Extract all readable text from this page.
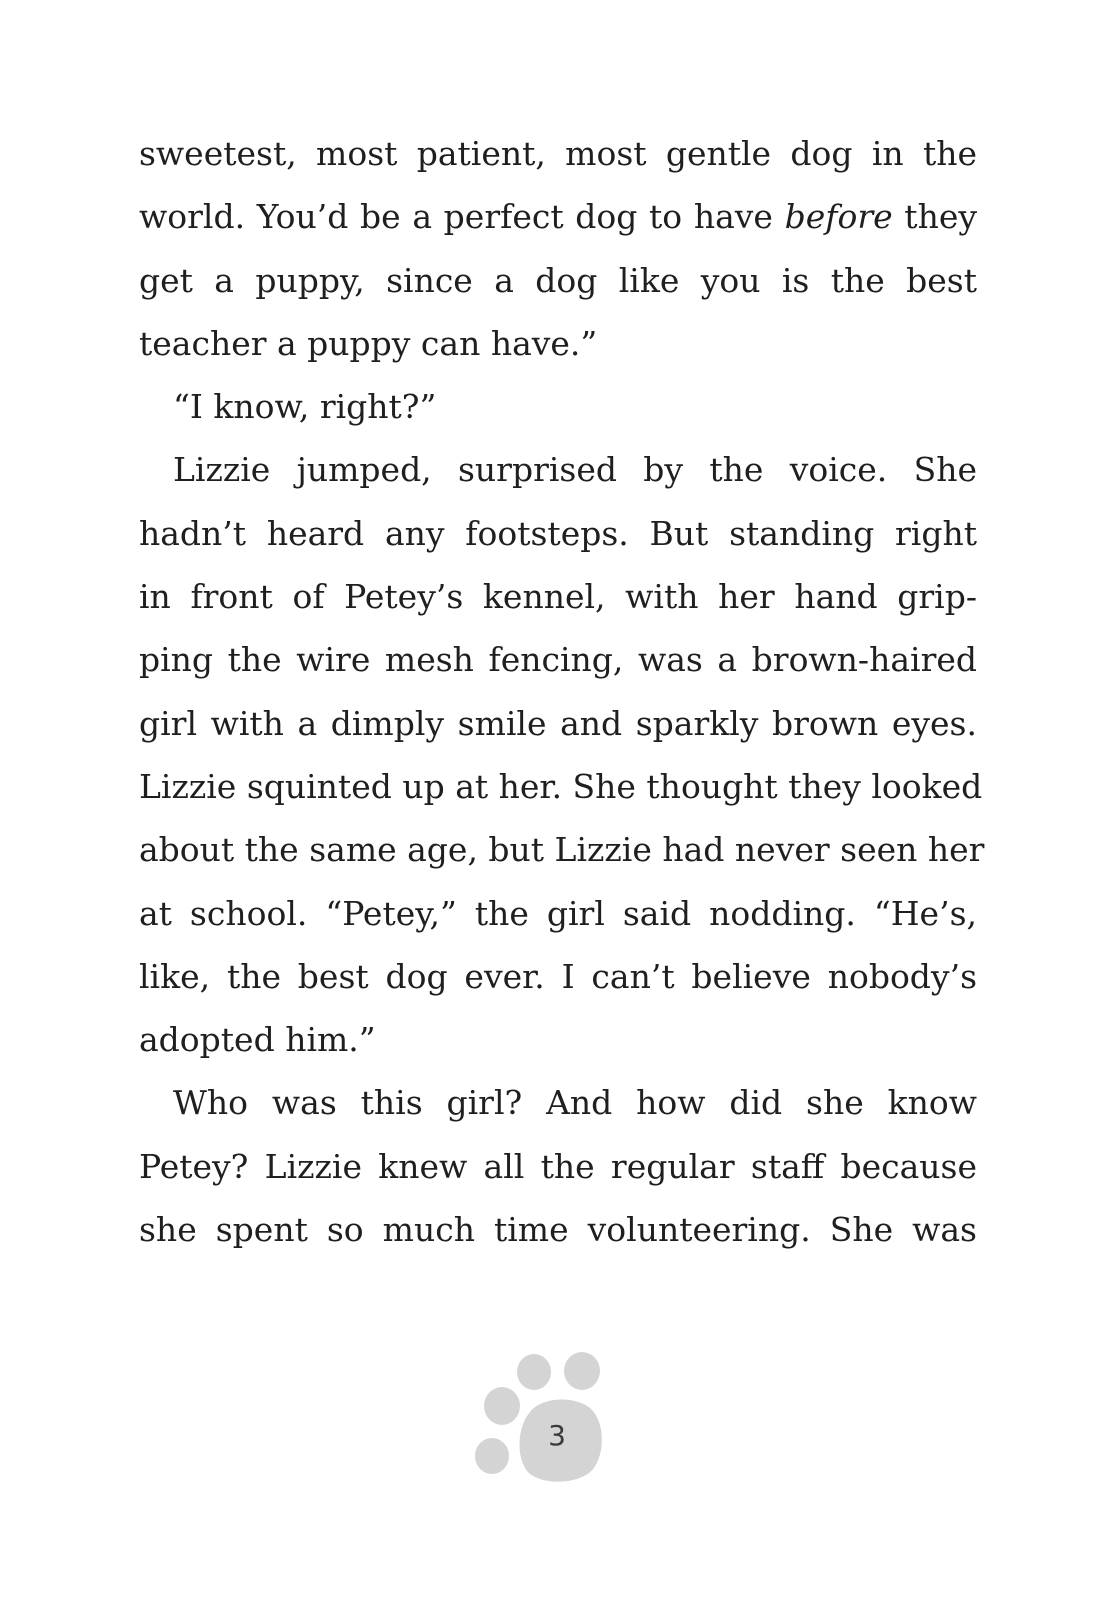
sweetest, most patient, most gentle dog in the
world. You’d be a perfect dog to have before they
get a puppy, since a dog like you is the best
teacher a puppy can have.”
“I know, right?”
Lizzie jumped, surprised by the voice. She
hadn’t heard any footsteps. But standing right
in front of Petey’s kennel, with her hand grip-
ping the wire mesh fencing, was a brown-haired
girl with a dimply smile and sparkly brown eyes.
Lizzie squinted up at her. She thought they looked
about the same age, but Lizzie had never seen her
at school. “Petey,” the girl said nodding. “He’s,
like, the best dog ever. I can’t believe nobody’s
adopted him.”
Who was this girl? And how did she know
Petey? Lizzie knew all the regular staff because
she spent so much time volunteering. She was
3
